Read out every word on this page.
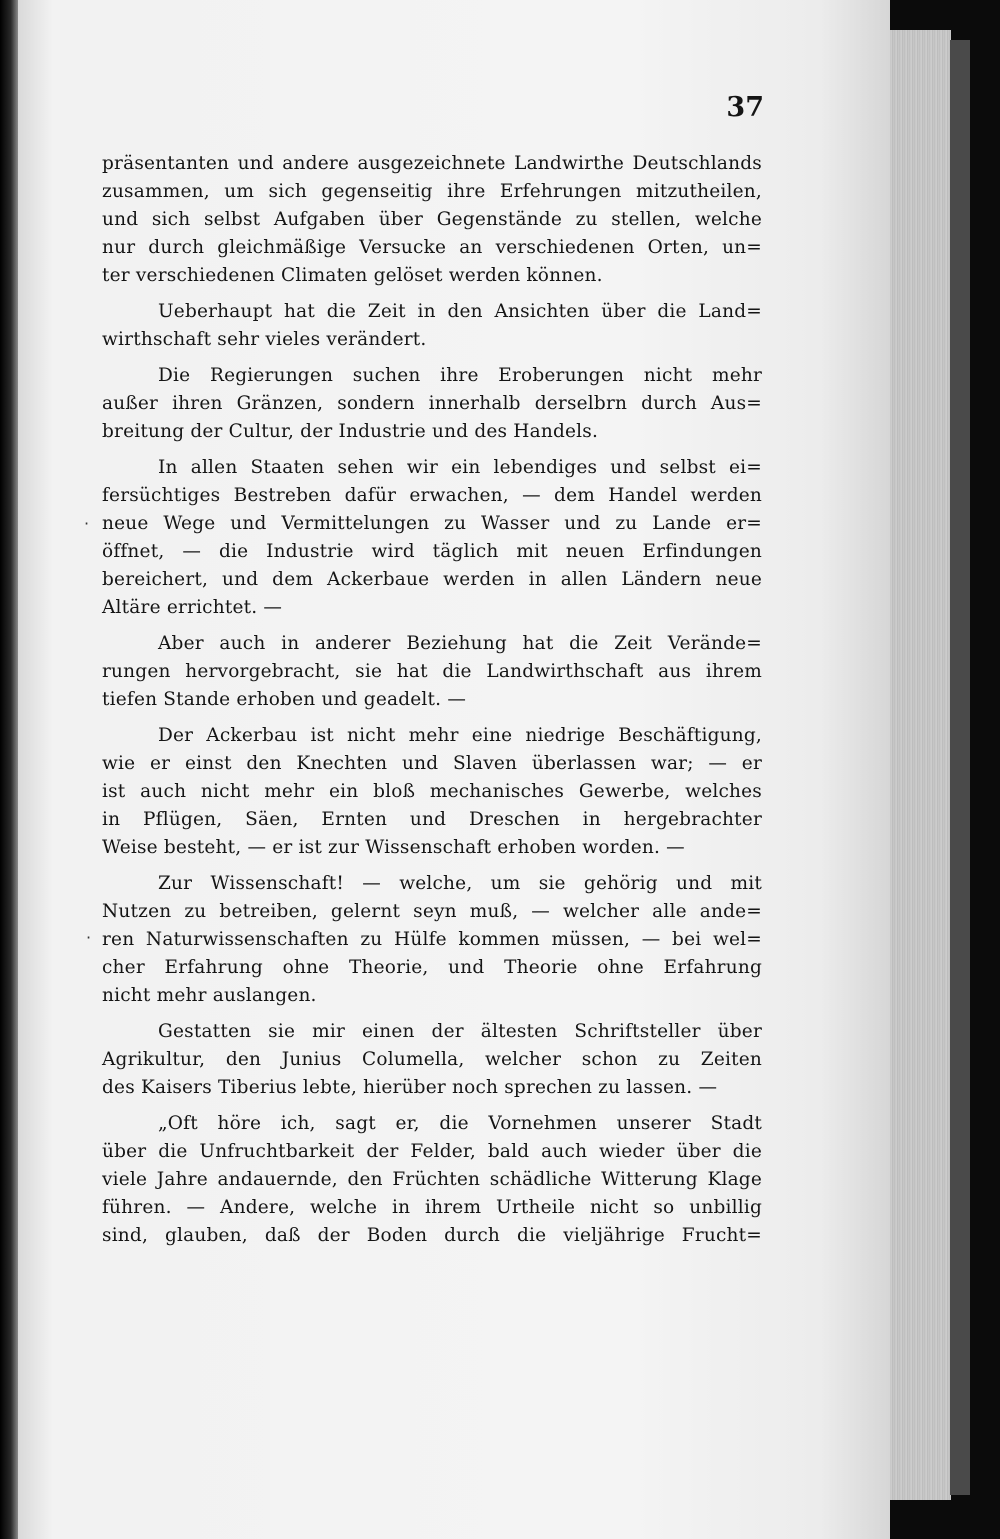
37
präsentanten und andere ausgezeichnete Landwirthe Deutschlands
zusammen, um sich gegenseitig ihre Erfehrungen mitzutheilen,
und sich selbst Aufgaben über Gegenstände zu stellen, welche
nur durch gleichmäßige Versucke an verschiedenen Orten, un=
ter verschiedenen Climaten gelöset werden können.
Ueberhaupt hat die Zeit in den Ansichten über die Land=
wirthschaft sehr vieles verändert.
Die Regierungen suchen ihre Eroberungen nicht mehr
außer ihren Gränzen, sondern innerhalb derselbrn durch Aus=
breitung der Cultur, der Industrie und des Handels.
In allen Staaten sehen wir ein lebendiges und selbst ei=
fersüchtiges Bestreben dafür erwachen, — dem Handel werden
neue Wege und Vermittelungen zu Wasser und zu Lande er=
öffnet, — die Industrie wird täglich mit neuen Erfindungen
bereichert, und dem Ackerbaue werden in allen Ländern neue
Altäre errichtet. —
Aber auch in anderer Beziehung hat die Zeit Verände=
rungen hervorgebracht, sie hat die Landwirthschaft aus ihrem
tiefen Stande erhoben und geadelt. —
Der Ackerbau ist nicht mehr eine niedrige Beschäftigung,
wie er einst den Knechten und Slaven überlassen war; — er
ist auch nicht mehr ein bloß mechanisches Gewerbe, welches
in Pflügen, Säen, Ernten und Dreschen in hergebrachter
Weise besteht, — er ist zur Wissenschaft erhoben worden. —
Zur Wissenschaft! — welche, um sie gehörig und mit
Nutzen zu betreiben, gelernt seyn muß, — welcher alle ande=
ren Naturwissenschaften zu Hülfe kommen müssen, — bei wel=
cher Erfahrung ohne Theorie, und Theorie ohne Erfahrung
nicht mehr auslangen.
Gestatten sie mir einen der ältesten Schriftsteller über
Agrikultur, den Junius Columella, welcher schon zu Zeiten
des Kaisers Tiberius lebte, hierüber noch sprechen zu lassen. —
„Oft höre ich, sagt er, die Vornehmen unserer Stadt
über die Unfruchtbarkeit der Felder, bald auch wieder über die
viele Jahre andauernde, den Früchten schädliche Witterung Klage
führen. — Andere, welche in ihrem Urtheile nicht so unbillig
sind, glauben, daß der Boden durch die vieljährige Frucht=
·
·
